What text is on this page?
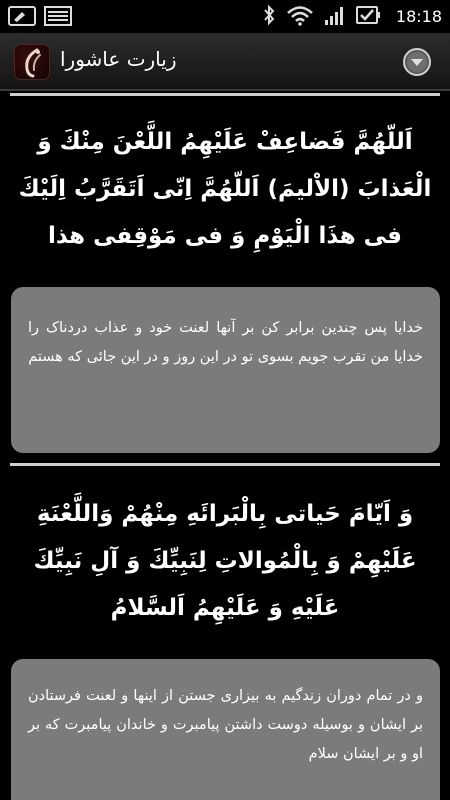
18:18
زیارت عاشورا
اَللّهُمَّ فَضاعِفْ عَلَیْهِمُ اللَّعْنَ مِنْكَ وَ الْعَذابَ (الاْلیمَ) اَللّهُمَّ اِنّی اَتَقَرَّبُ اِلَیْكَ فی هذَا الْیَوْمِ وَ فی مَوْقِفی هذا
خدایا پس چندین برابر کن بر آنها لعنت خود و عذاب دردناک را خدایا من تقرب جویم بسوی تو در این روز و در این جائی که هستم
وَ اَیّامَ حَیاتی بِالْبَرائَهِ مِنْهُمْ وَاللَّعْنَةِ عَلَیْهِمْ وَ بِالْمُوالاتِ لِنَبِیِّكَ وَ آلِ نَبِیِّكَ عَلَیْهِ وَ عَلَیْهِمُ اَلسَّلامُ
و در تمام دوران زندگیم به بیزاری جستن از اینها و لعنت فرستادن بر ایشان و بوسیله دوست داشتن پیامبرت و خاندان پیامبرت که بر او و بر ایشان سلام
